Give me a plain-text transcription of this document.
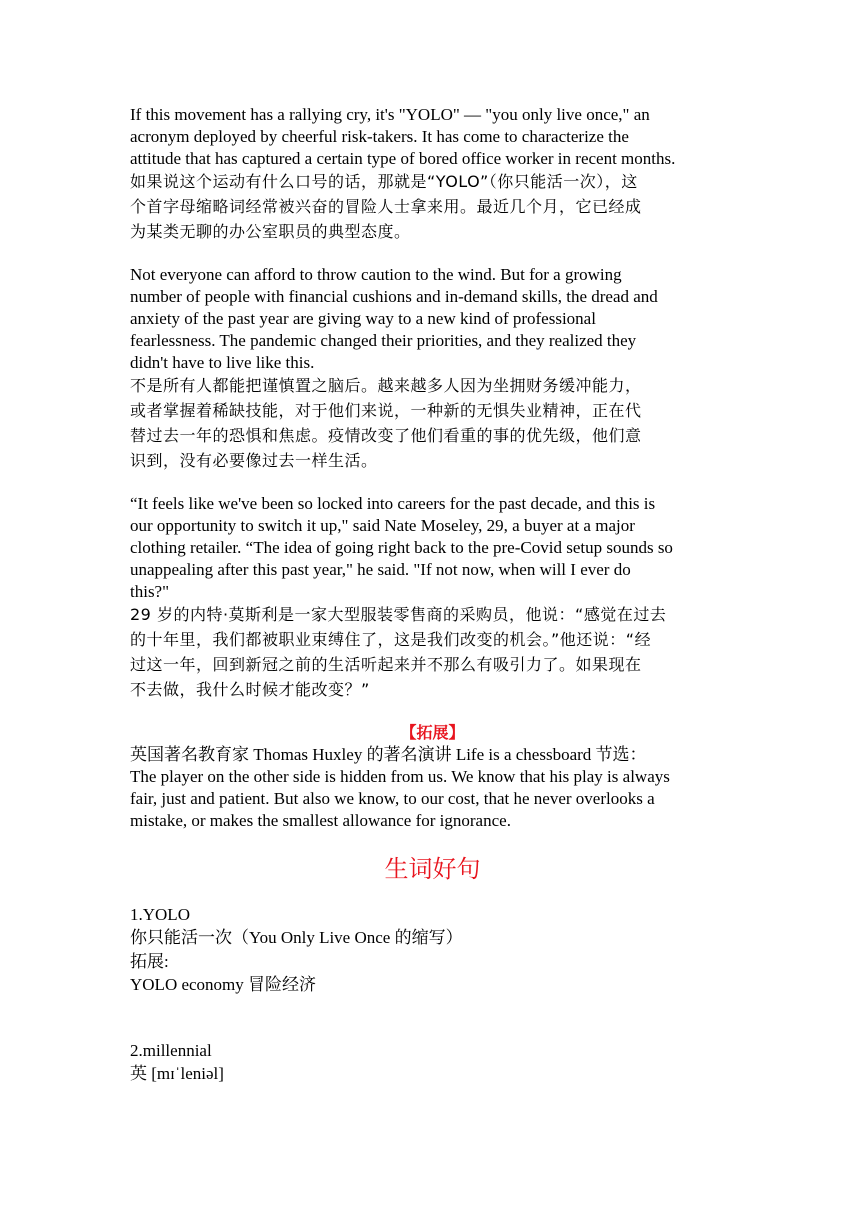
If this movement has a rallying cry, it's "YOLO" — "you only live once," an
acronym deployed by cheerful risk-takers. It has come to characterize the
attitude that has captured a certain type of bored office worker in recent months.
如果说这个运动有什么口号的话，那就是“YOLO”（你只能活一次），这
个首字母缩略词经常被兴奋的冒险人士拿来用。最近几个月，它已经成
为某类无聊的办公室职员的典型态度。
Not everyone can afford to throw caution to the wind. But for a growing
number of people with financial cushions and in-demand skills, the dread and
anxiety of the past year are giving way to a new kind of professional
fearlessness. The pandemic changed their priorities, and they realized they
didn't have to live like this.
不是所有人都能把谨慎置之脑后。越来越多人因为坐拥财务缓冲能力，
或者掌握着稀缺技能，对于他们来说，一种新的无惧失业精神，正在代
替过去一年的恐惧和焦虑。疫情改变了他们看重的事的优先级，他们意
识到，没有必要像过去一样生活。
“It feels like we've been so locked into careers for the past decade, and this is
our opportunity to switch it up," said Nate Moseley, 29, a buyer at a major
clothing retailer. “The idea of going right back to the pre-Covid setup sounds so
unappealing after this past year," he said. "If not now, when will I ever do
this?"
29 岁的内特·莫斯利是一家大型服装零售商的采购员，他说：“感觉在过去
的十年里，我们都被职业束缚住了，这是我们改变的机会。”他还说：“经
过这一年，回到新冠之前的生活听起来并不那么有吸引力了。如果现在
不去做，我什么时候才能改变？”
【拓展】
英国著名教育家 Thomas Huxley 的著名演讲 Life is a chessboard 节选：
The player on the other side is hidden from us. We know that his play is always
fair, just and patient. But also we know, to our cost, that he never overlooks a
mistake, or makes the smallest allowance for ignorance.
生词好句
1.YOLO
你只能活一次（You Only Live Once 的缩写）
拓展:
YOLO economy 冒险经济
2.millennial
英 [mɪˈleniəl]
